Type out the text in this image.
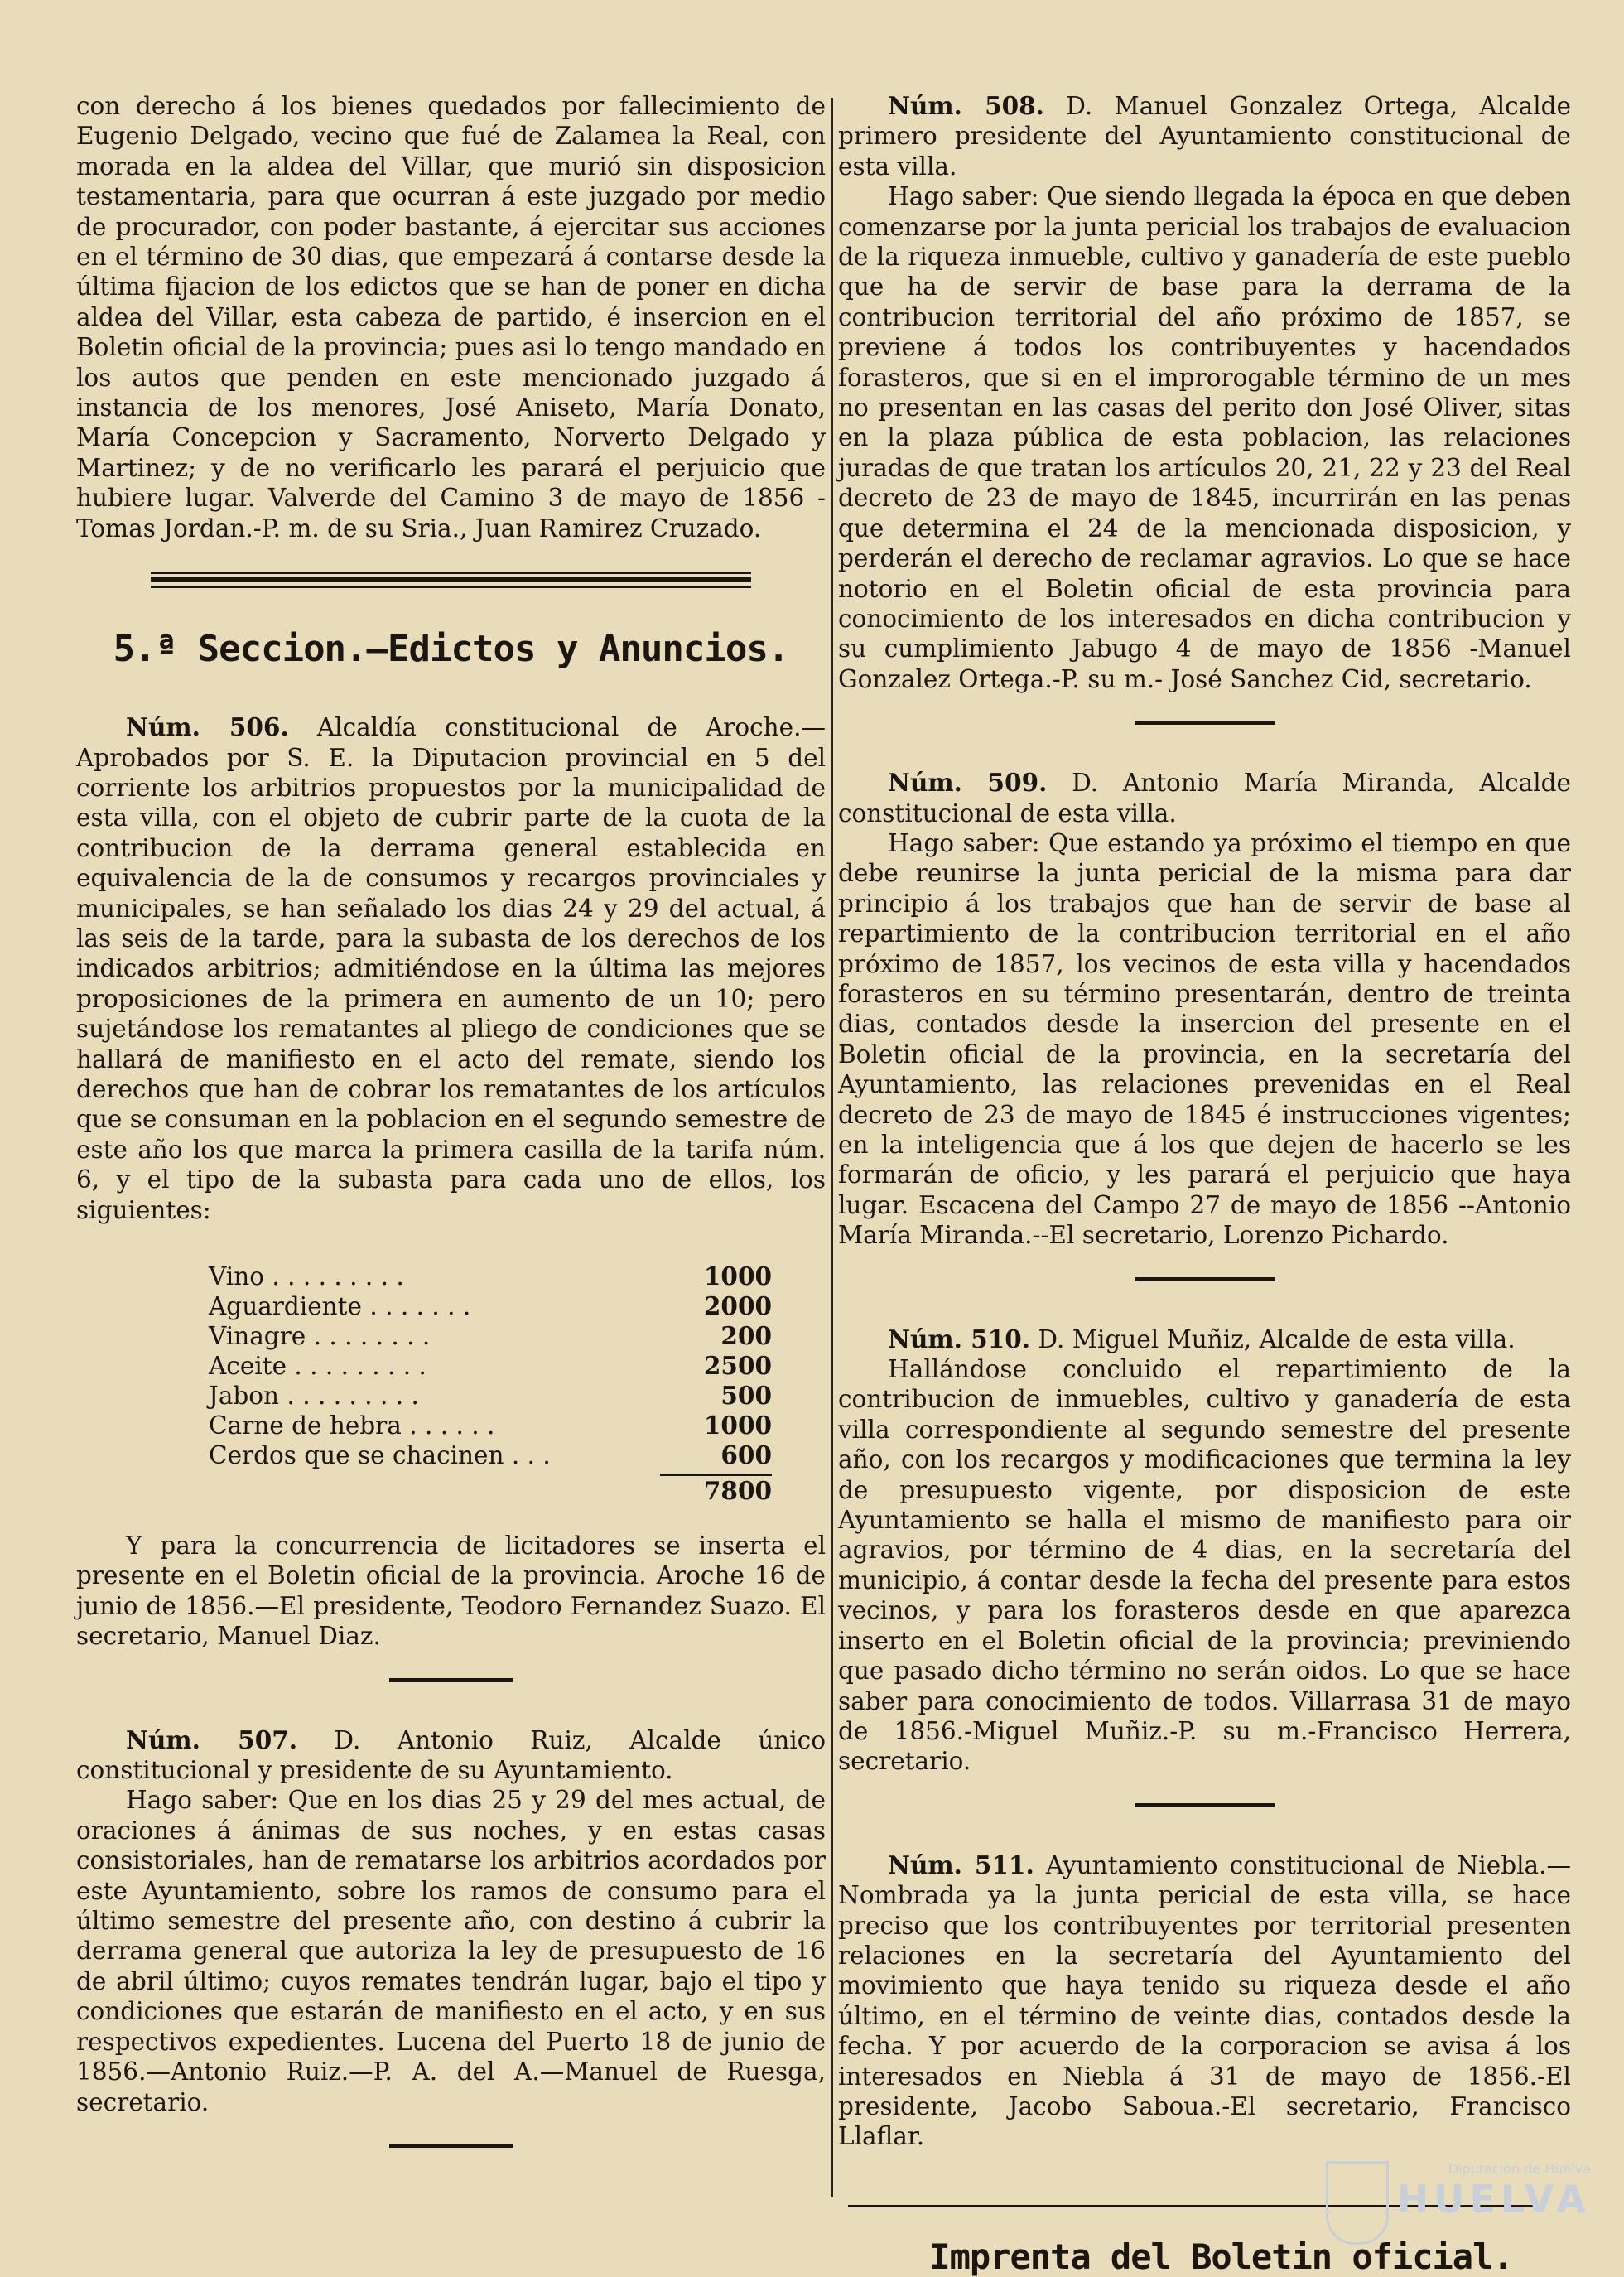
con derecho á los bienes quedados por fallecimiento de Eugenio Delgado, vecino que fué de Zalamea la Real, con morada en la aldea del Villar, que murió sin disposicion testamentaria, para que ocurran á este juzgado por medio de procurador, con poder bastante, á ejercitar sus acciones en el término de 30 dias, que empezará á contarse desde la última fijacion de los edictos que se han de poner en dicha aldea del Villar, esta cabeza de partido, é insercion en el Boletin oficial de la provincia; pues asi lo tengo mandado en los autos que penden en este mencionado juzgado á instancia de los menores, José Aniseto, María Donato, María Concepcion y Sacramento, Norverto Delgado y Martinez; y de no verificarlo les parará el perjuicio que hubiere lugar. Valverde del Camino 3 de mayo de 1856 -Tomas Jordan.-P. m. de su Sria., Juan Ramirez Cruzado.

5.ª Seccion.—Edictos y Anuncios.

Núm. 506. Alcaldía constitucional de Aroche.—Aprobados por S. E. la Diputacion provincial en 5 del corriente los arbitrios propuestos por la municipalidad de esta villa, con el objeto de cubrir parte de la cuota de la contribucion de la derrama general establecida en equivalencia de la de consumos y recargos provinciales y municipales, se han señalado los dias 24 y 29 del actual, á las seis de la tarde, para la subasta de los derechos de los indicados arbitrios; admitiéndose en la última las mejores proposiciones de la primera en aumento de un 10; pero sujetándose los rematantes al pliego de condiciones que se hallará de manifiesto en el acto del remate, siendo los derechos que han de cobrar los rematantes de los artículos que se consuman en la poblacion en el segundo semestre de este año los que marca la primera casilla de la tarifa núm. 6, y el tipo de la subasta para cada uno de ellos, los siguientes:

Vino . . . . . . . . .	1000
Aguardiente . . . . . . .	2000
Vinagre . . . . . . . .	200
Aceite . . . . . . . . .	2500
Jabon . . . . . . . . .	500
Carne de hebra . . . . . .	1000
Cerdos que se chacinen . . .	600
7800

Y para la concurrencia de licitadores se inserta el presente en el Boletin oficial de la provincia. Aroche 16 de junio de 1856.—El presidente, Teodoro Fernandez Suazo. El secretario, Manuel Diaz.

Núm. 507. D. Antonio Ruiz, Alcalde único constitucional y presidente de su Ayuntamiento.

Hago saber: Que en los dias 25 y 29 del mes actual, de oraciones á ánimas de sus noches, y en estas casas consistoriales, han de rematarse los arbitrios acordados por este Ayuntamiento, sobre los ramos de consumo para el último semestre del presente año, con destino á cubrir la derrama general que autoriza la ley de presupuesto de 16 de abril último; cuyos remates tendrán lugar, bajo el tipo y condiciones que estarán de manifiesto en el acto, y en sus respectivos expedientes. Lucena del Puerto 18 de junio de 1856.—Antonio Ruiz.—P. A. del A.—Manuel de Ruesga, secretario.

Núm. 508. D. Manuel Gonzalez Ortega, Alcalde primero presidente del Ayuntamiento constitucional de esta villa.

Hago saber: Que siendo llegada la época en que deben comenzarse por la junta pericial los trabajos de evaluacion de la riqueza inmueble, cultivo y ganadería de este pueblo que ha de servir de base para la derrama de la contribucion territorial del año próximo de 1857, se previene á todos los contribuyentes y hacendados forasteros, que si en el improrogable término de un mes no presentan en las casas del perito don José Oliver, sitas en la plaza pública de esta poblacion, las relaciones juradas de que tratan los artículos 20, 21, 22 y 23 del Real decreto de 23 de mayo de 1845, incurrirán en las penas que determina el 24 de la mencionada disposicion, y perderán el derecho de reclamar agravios. Lo que se hace notorio en el Boletin oficial de esta provincia para conocimiento de los interesados en dicha contribucion y su cumplimiento Jabugo 4 de mayo de 1856 -Manuel Gonzalez Ortega.-P. su m.- José Sanchez Cid, secretario.

Núm. 509. D. Antonio María Miranda, Alcalde constitucional de esta villa.

Hago saber: Que estando ya próximo el tiempo en que debe reunirse la junta pericial de la misma para dar principio á los trabajos que han de servir de base al repartimiento de la contribucion territorial en el año próximo de 1857, los vecinos de esta villa y hacendados forasteros en su término presentarán, dentro de treinta dias, contados desde la insercion del presente en el Boletin oficial de la provincia, en la secretaría del Ayuntamiento, las relaciones prevenidas en el Real decreto de 23 de mayo de 1845 é instrucciones vigentes; en la inteligencia que á los que dejen de hacerlo se les formarán de oficio, y les parará el perjuicio que haya lugar. Escacena del Campo 27 de mayo de 1856 --Antonio María Miranda.--El secretario, Lorenzo Pichardo.

Núm. 510. D. Miguel Muñiz, Alcalde de esta villa.

Hallándose concluido el repartimiento de la contribucion de inmuebles, cultivo y ganadería de esta villa correspondiente al segundo semestre del presente año, con los recargos y modificaciones que termina la ley de presupuesto vigente, por disposicion de este Ayuntamiento se halla el mismo de manifiesto para oir agravios, por término de 4 dias, en la secretaría del municipio, á contar desde la fecha del presente para estos vecinos, y para los forasteros desde en que aparezca inserto en el Boletin oficial de la provincia; previniendo que pasado dicho término no serán oidos. Lo que se hace saber para conocimiento de todos. Villarrasa 31 de mayo de 1856.-Miguel Muñiz.-P. su m.-Francisco Herrera, secretario.

Núm. 511. Ayuntamiento constitucional de Niebla.—Nombrada ya la junta pericial de esta villa, se hace preciso que los contribuyentes por territorial presenten relaciones en la secretaría del Ayuntamiento del movimiento que haya tenido su riqueza desde el año último, en el término de veinte dias, contados desde la fecha. Y por acuerdo de la corporacion se avisa á los interesados en Niebla á 31 de mayo de 1856.-El presidente, Jacobo Saboua.-El secretario, Francisco Llaflar.

Imprenta del Boletin oficial.
Diputación de Huelva
HUELVA
